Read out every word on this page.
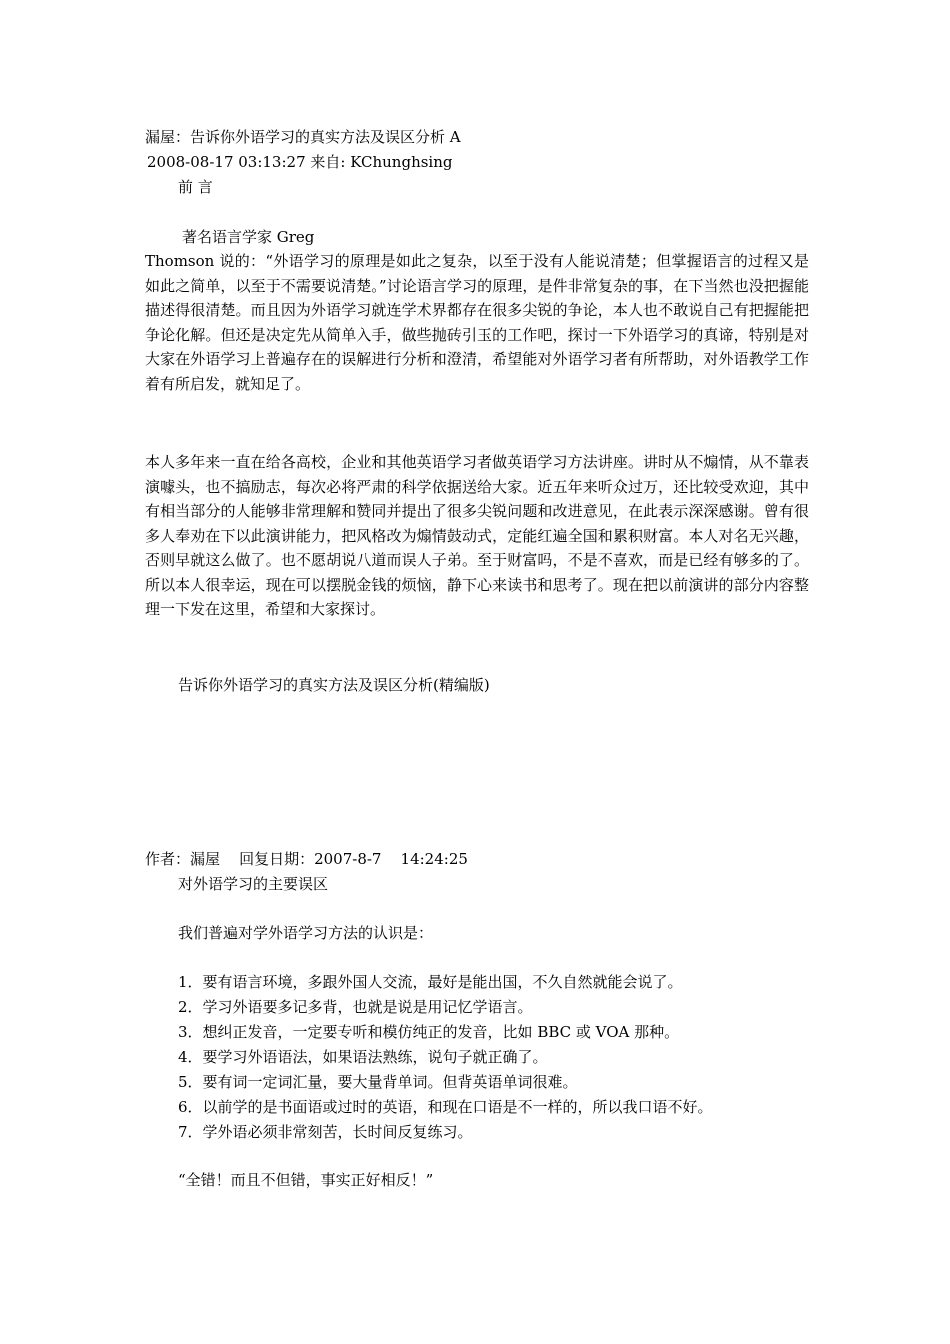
漏屋：告诉你外语学习的真实方法及误区分析 A
2008-08-17 03:13:27 来自: KChunghsing
前 言
著名语言学家 Greg
Thomson 说的：“外语学习的原理是如此之复杂，以至于没有人能说清楚；但掌握语言的过程又是如此之简单，以至于不需要说清楚。”讨论语言学习的原理，是件非常复杂的事，在下当然也没把握能描述得很清楚。而且因为外语学习就连学术界都存在很多尖锐的争论，本人也不敢说自己有把握能把争论化解。但还是决定先从简单入手，做些抛砖引玉的工作吧，探讨一下外语学习的真谛，特别是对大家在外语学习上普遍存在的误解进行分析和澄清，希望能对外语学习者有所帮助，对外语教学工作着有所启发，就知足了。
本人多年来一直在给各高校，企业和其他英语学习者做英语学习方法讲座。讲时从不煽情，从不靠表演噱头，也不搞励志，每次必将严肃的科学依据送给大家。近五年来听众过万，还比较受欢迎，其中有相当部分的人能够非常理解和赞同并提出了很多尖锐问题和改进意见，在此表示深深感谢。曾有很多人奉劝在下以此演讲能力，把风格改为煽情鼓动式，定能红遍全国和累积财富。本人对名无兴趣，否则早就这么做了。也不愿胡说八道而误人子弟。至于财富吗，不是不喜欢，而是已经有够多的了。所以本人很幸运，现在可以摆脱金钱的烦恼，静下心来读书和思考了。现在把以前演讲的部分内容整理一下发在这里，希望和大家探讨。
告诉你外语学习的真实方法及误区分析(精编版)
作者：漏屋    回复日期：2007-8-7    14:24:25
对外语学习的主要误区
我们普遍对学外语学习方法的认识是：
1．要有语言环境，多跟外国人交流，最好是能出国，不久自然就能会说了。
2．学习外语要多记多背，也就是说是用记忆学语言。
3．想纠正发音，一定要专听和模仿纯正的发音，比如 BBC 或 VOA 那种。
4．要学习外语语法，如果语法熟练，说句子就正确了。
5．要有词一定词汇量，要大量背单词。但背英语单词很难。
6．以前学的是书面语或过时的英语，和现在口语是不一样的，所以我口语不好。
7．学外语必须非常刻苦，长时间反复练习。
“全错！而且不但错，事实正好相反！”
